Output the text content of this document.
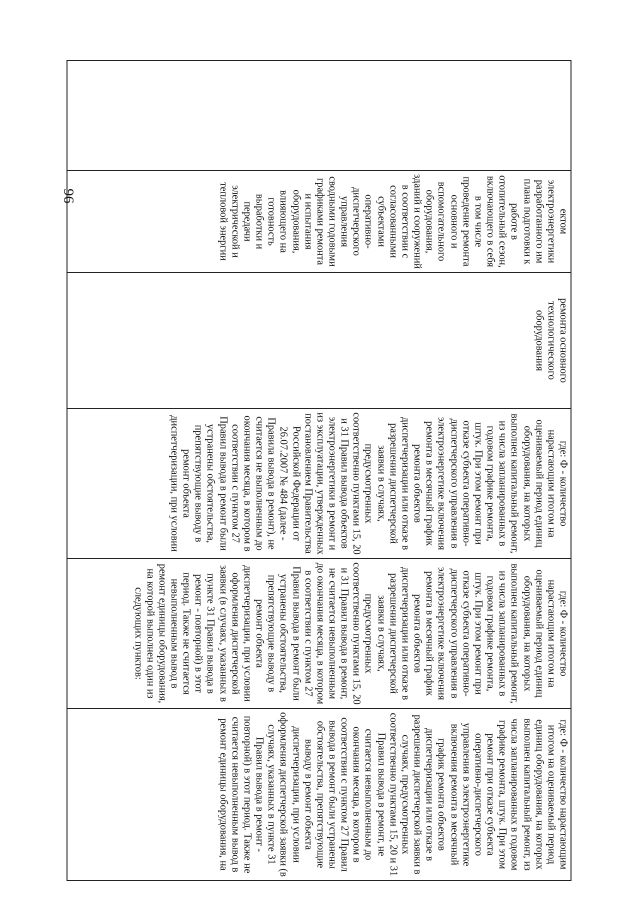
96
	ектом электроэнергетики разработанного им плана подготовки к работе в отопительный сезон, включающего в себя в том числе проведение ремонта основного и вспомогательного оборудования, зданий и сооружений в соответствии с согласованными субъектами оперативно-диспетчерского управления сводными годовыми графиками ремонта и испытания оборудования, влияющего на готовность выработки и передачи электрической и тепловой энергии	ремонта основного технологического оборудования	где: Ф - количество нарастающим итогом на оцениваемый период единиц оборудования, на которых выполнен капитальный ремонт, из числа запланированных в годовом графике ремонта, штук. При этом ремонт при отказе субъекта оперативно-диспетчерского управления в электроэнергетике включения ремонта в месячный график ремонта объектов диспетчеризации или отказе в разрешении диспетчерской заявки в случаях, предусмотренных соответственно пунктами 15, 20 и 31 Правил вывода объектов электроэнергетики в ремонт и из эксплуатации, утвержденных постановлением Правительства Российской Федерации от 26.07.2007 № 484 (далее - Правила вывода в ремонт), не считается не выполненным до окончания месяца, в котором в соответствии с пунктом 27 Правил вывода в ремонт были устранены обстоятельства, препятствующие выводу в ремонт объекта диспетчеризации, при условии	где: Ф - количество нарастающим итогом на оцениваемый период единиц оборудования, на которых выполнен капитальный ремонт, из числа запланированных в годовом графике ремонта, штук. При этом ремонт при отказе субъекта оперативно-диспетчерского управления в электроэнергетике включения ремонта в месячный график ремонта объектов диспетчеризации или отказе в разрешении диспетчерской заявки в случаях, предусмотренных соответственно пунктами 15, 20 и 31 Правил вывода в ремонт, не считается невыполненным до окончания месяца, в котором в соответствии с пунктом 27 Правил вывода в ремонт были устранены обстоятельства, препятствующие выводу в ремонт объекта диспетчеризации, при условии оформления диспетчерской заявки (в случаях, указанных в пункте 31 Правил вывода в ремонт - повторной) в этот период. Также не считается невыполненным вывод в ремонт единицы оборудования, на которой выполнен один из следующих пунктов:	где: Ф - количество нарастающим итогом на оцениваемый период единиц оборудования, на которых выполнен капитальный ремонт, из числа запланированных в годовом графике ремонта, штук. При этом ремонт при отказе субъекта оперативно-диспетчерского управления в электроэнергетике включения ремонта в месячный график ремонта объектов диспетчеризации или отказе в разрешении диспетчерской заявки в случаях, предусмотренных соответственно пунктами 15, 20 и 31 Правил вывода в ремонт, не считается невыполненным до окончания месяца, в котором в соответствии с пунктом 27 Правил вывода в ремонт были устранены обстоятельства, препятствующие выводу в ремонт объекта диспетчеризации, при условии оформления диспетчерской заявки (в случаях, указанных в пункте 31 Правил вывода в ремонт - повторной) в этот период. Также не считается невыполненным вывод в ремонт единицы оборудования, на
